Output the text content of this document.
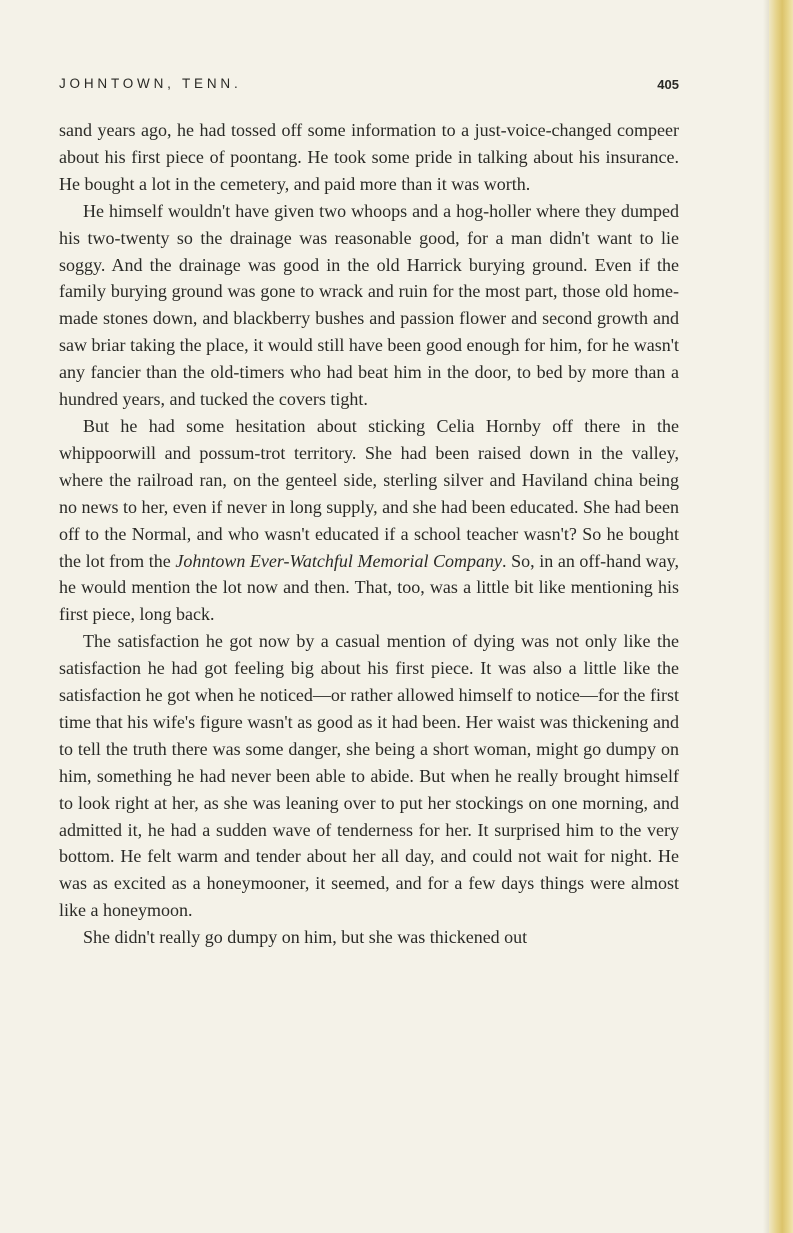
JOHNTOWN, TENN.	405

sand years ago, he had tossed off some information to a just-voice-changed compeer about his first piece of poontang. He took some pride in talking about his insurance. He bought a lot in the cemetery, and paid more than it was worth.

He himself wouldn't have given two whoops and a hog-holler where they dumped his two-twenty so the drainage was reasonable good, for a man didn't want to lie soggy. And the drainage was good in the old Harrick burying ground. Even if the family burying ground was gone to wrack and ruin for the most part, those old home-made stones down, and blackberry bushes and passion flower and second growth and saw briar taking the place, it would still have been good enough for him, for he wasn't any fancier than the old-timers who had beat him in the door, to bed by more than a hundred years, and tucked the covers tight.

But he had some hesitation about sticking Celia Hornby off there in the whippoorwill and possum-trot territory. She had been raised down in the valley, where the railroad ran, on the genteel side, sterling silver and Haviland china being no news to her, even if never in long supply, and she had been educated. She had been off to the Normal, and who wasn't educated if a school teacher wasn't? So he bought the lot from the Johntown Ever-Watchful Memorial Company. So, in an off-hand way, he would mention the lot now and then. That, too, was a little bit like mentioning his first piece, long back.

The satisfaction he got now by a casual mention of dying was not only like the satisfaction he had got feeling big about his first piece. It was also a little like the satisfaction he got when he noticed—or rather allowed himself to notice—for the first time that his wife's figure wasn't as good as it had been. Her waist was thickening and to tell the truth there was some danger, she being a short woman, might go dumpy on him, something he had never been able to abide. But when he really brought himself to look right at her, as she was leaning over to put her stockings on one morning, and admitted it, he had a sudden wave of tenderness for her. It surprised him to the very bottom. He felt warm and tender about her all day, and could not wait for night. He was as excited as a honeymooner, it seemed, and for a few days things were almost like a honeymoon.

She didn't really go dumpy on him, but she was thickened out
